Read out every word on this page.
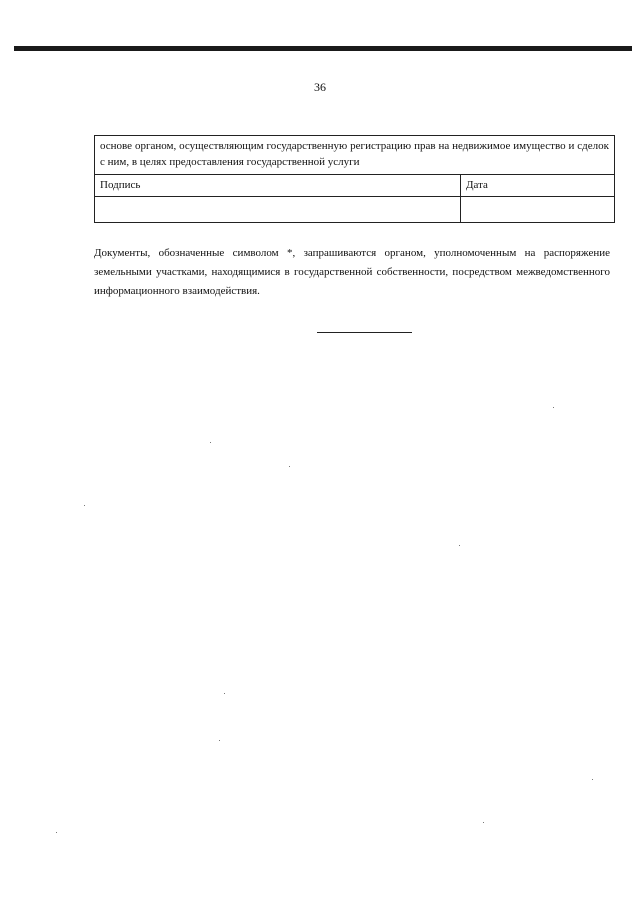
36
основе органом, осуществляющим государственную регистрацию прав на недвижимое имущество и сделок с ним, в целях предоставления государственной услуги	
Подпись	Дата

Документы, обозначенные символом *, запрашиваются органом, уполномоченным на распоряжение земельными участками, находящимися в государственной собственности, посредством межведомственного информационного взаимодействия.
